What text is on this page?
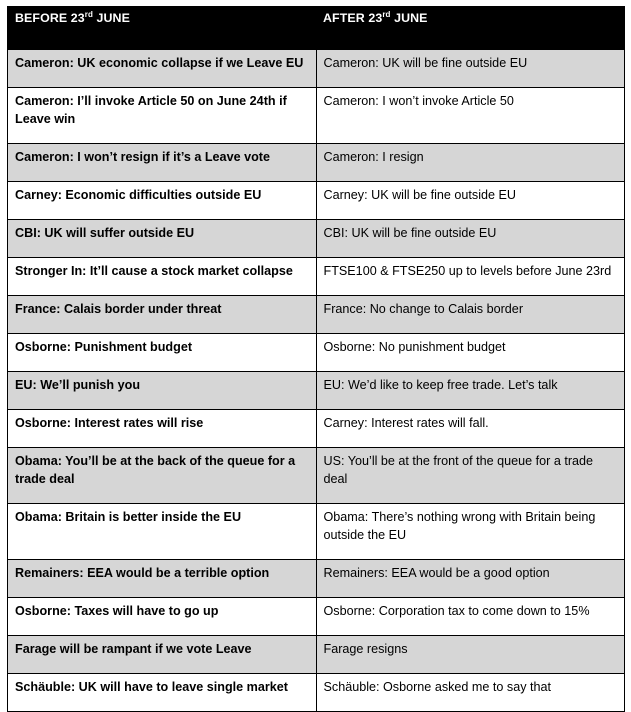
BEFORE 23rd JUNE	AFTER 23rd JUNE
Cameron: UK economic collapse if we Leave EU	Cameron: UK will be fine outside EU
Cameron: I’ll invoke Article 50 on June 24th if Leave win	Cameron: I won’t invoke Article 50
Cameron: I won’t resign if it’s a Leave vote	Cameron: I resign
Carney: Economic difficulties outside EU	Carney: UK will be fine outside EU
CBI: UK will suffer outside EU	CBI: UK will be fine outside EU
Stronger In: It’ll cause a stock market collapse	FTSE100 & FTSE250 up to levels before June 23rd
France: Calais border under threat	France: No change to Calais border
Osborne: Punishment budget	Osborne: No punishment budget
EU: We’ll punish you	EU: We’d like to keep free trade. Let’s talk
Osborne: Interest rates will rise	Carney: Interest rates will fall.
Obama: You’ll be at the back of the queue for a trade deal	US: You’ll be at the front of the queue for a trade deal
Obama: Britain is better inside the EU	Obama: There’s nothing wrong with Britain being outside the EU
Remainers: EEA would be a terrible option	Remainers: EEA would be a good option
Osborne: Taxes will have to go up	Osborne: Corporation tax to come down to 15%
Farage will be rampant if we vote Leave	Farage resigns
Schäuble: UK will have to leave single market	Schäuble: Osborne asked me to say that
